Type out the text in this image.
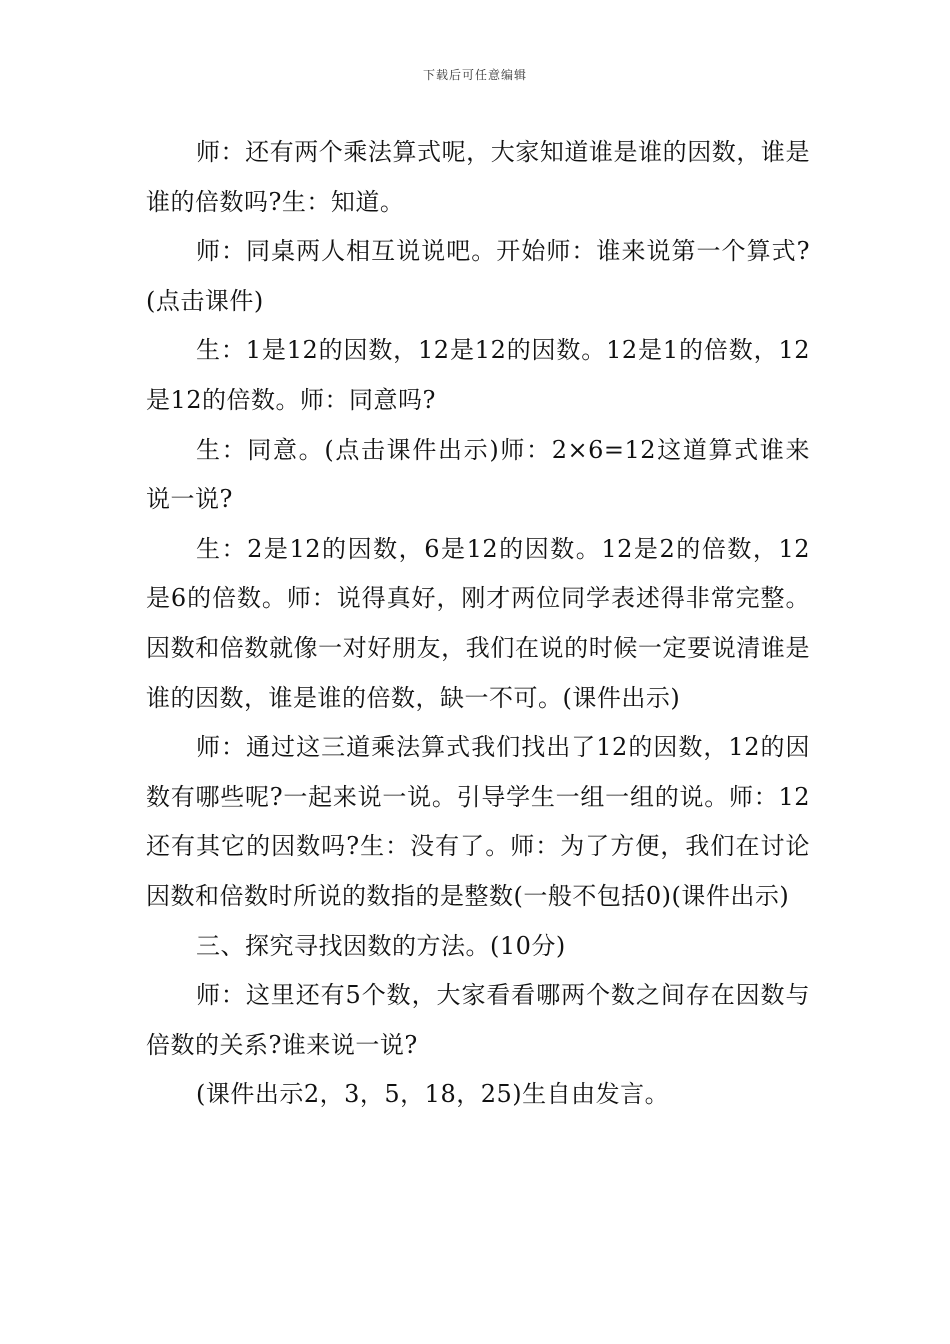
下载后可任意编辑

师：还有两个乘法算式呢，大家知道谁是谁的因数，谁是谁的倍数吗?生：知道。

师：同桌两人相互说说吧。开始师：谁来说第一个算式?(点击课件)

生：1是12的因数，12是12的因数。12是1的倍数，12是12的倍数。师：同意吗?

生：同意。(点击课件出示)师：2×6=12这道算式谁来说一说?

生：2是12的因数，6是12的因数。12是2的倍数，12是6的倍数。师：说得真好，刚才两位同学表述得非常完整。因数和倍数就像一对好朋友，我们在说的时候一定要说清谁是谁的因数，谁是谁的倍数，缺一不可。(课件出示)

师：通过这三道乘法算式我们找出了12的因数，12的因数有哪些呢?一起来说一说。引导学生一组一组的说。师：12还有其它的因数吗?生：没有了。师：为了方便，我们在讨论因数和倍数时所说的数指的是整数(一般不包括0)(课件出示)

三、探究寻找因数的方法。(10分)

师：这里还有5个数，大家看看哪两个数之间存在因数与倍数的关系?谁来说一说?

(课件出示2，3，5，18，25)生自由发言。
